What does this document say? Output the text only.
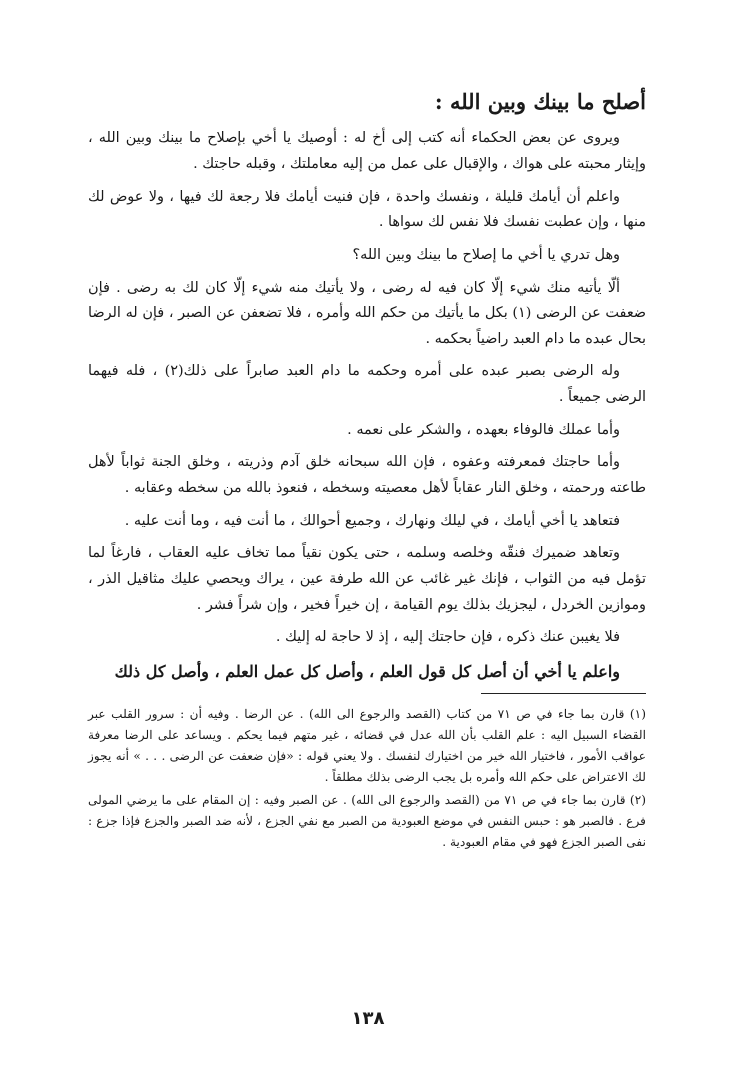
أصلح ما بينك وبين الله :

ويروى عن بعض الحكماء أنه كتب إلى أخ له : أوصيك يا أخي بإصلاح ما بينك وبين الله ، وإيثار محبته على هواك ، والإقبال على عمل من إليه معاملتك ، وقبله حاجتك .

واعلم أن أيامك قليلة ، ونفسك واحدة ، فإن فنيت أيامك فلا رجعة لك فيها ، ولا عوض لك منها ، وإن عطبت نفسك فلا نفس لك سواها .

وهل تدري يا أخي ما إصلاح ما بينك وبين الله؟

ألّا يأتيه منك شيء إلّا كان فيه له رضى ، ولا يأتيك منه شيء إلّا كان لك به رضى . فإن ضعفت عن الرضى (١) بكل ما يأتيك من حكم الله وأمره ، فلا تضعفن عن الصبر ، فإن له الرضا بحال عبده ما دام العبد راضياً بحكمه .

وله الرضى بصبر عبده على أمره وحكمه ما دام العبد صابراً على ذلك(٢) ، فله فيهما الرضى جميعاً .

وأما عملك فالوفاء بعهده ، والشكر على نعمه .

وأما حاجتك فمعرفته وعفوه ، فإن الله سبحانه خلق آدم وذريته ، وخلق الجنة ثواباً لأهل طاعته ورحمته ، وخلق النار عقاباً لأهل معصيته وسخطه ، فنعوذ بالله من سخطه وعقابه .

فتعاهد يا أخي أيامك ، في ليلك ونهارك ، وجميع أحوالك ، ما أنت فيه ، وما أنت عليه .

وتعاهد ضميرك فنقّه وخلصه وسلمه ، حتى يكون نقياً مما تخاف عليه العقاب ، فارغاً لما تؤمل فيه من الثواب ، فإنك غير غائب عن الله طرفة عين ، يراك ويحصي عليك مثاقيل الذر ، وموازين الخردل ، ليجزيك بذلك يوم القيامة ، إن خيراً فخير ، وإن شراً فشر .

فلا يغيبن عنك ذكره ، فإن حاجتك إليه ، إذ لا حاجة له إليك .

واعلم يا أخي أن أصل كل قول العلم ، وأصل كل عمل العلم ، وأصل كل ذلك

(١) قارن بما جاء في ص ٧١ من كتاب (القصد والرجوع الى الله) . عن الرضا . وفيه أن : سرور القلب عبر القضاء السبيل اليه : علم القلب بأن الله عدل في قضائه ، غير متهم فيما يحكم . ويساعد على الرضا معرفة عواقب الأمور ، فاختيار الله خير من اختيارك لنفسك . ولا يعني قوله : «فإن ضعفت عن الرضى . . . » أنه يجوز لك الاعتراض على حكم الله وأمره بل يجب الرضى بذلك مطلقاً .

(٢) قارن بما جاء في ص ٧١ من (القصد والرجوع الى الله) . عن الصبر وفيه : إن المقام على ما يرضي المولى فرع . فالصبر هو : حبس النفس في موضع العبودية من الصبر مع نفي الجزع ، لأنه ضد الصبر والجزع فإذا جزع : نفى الصبر الجزع فهو في مقام العبودية .

١٣٨
